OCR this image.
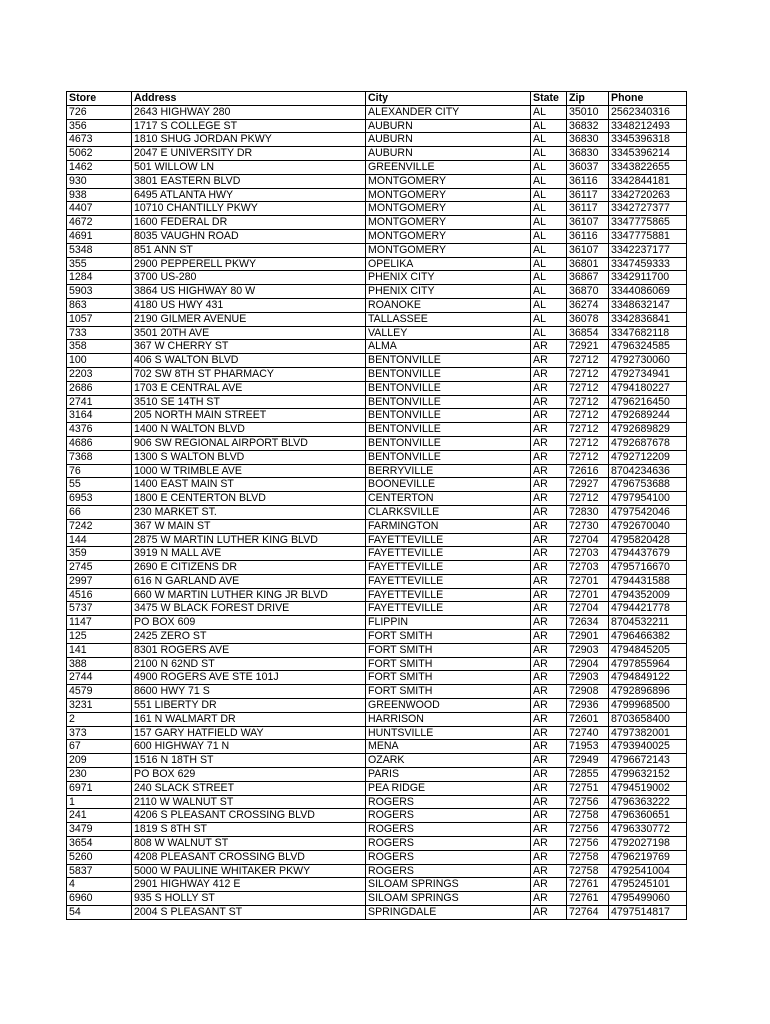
Store	Address	City	State	Zip	Phone
726	2643 HIGHWAY 280	ALEXANDER CITY	AL	35010	2562340316
356	1717 S COLLEGE ST	AUBURN	AL	36832	3348212493
4673	1810 SHUG JORDAN PKWY	AUBURN	AL	36830	3345396318
5062	2047 E UNIVERSITY DR	AUBURN	AL	36830	3345396214
1462	501 WILLOW LN	GREENVILLE	AL	36037	3343822655
930	3801 EASTERN BLVD	MONTGOMERY	AL	36116	3342844181
938	6495 ATLANTA HWY	MONTGOMERY	AL	36117	3342720263
4407	10710 CHANTILLY PKWY	MONTGOMERY	AL	36117	3342727377
4672	1600 FEDERAL DR	MONTGOMERY	AL	36107	3347775865
4691	8035 VAUGHN ROAD	MONTGOMERY	AL	36116	3347775881
5348	851 ANN ST	MONTGOMERY	AL	36107	3342237177
355	2900 PEPPERELL PKWY	OPELIKA	AL	36801	3347459333
1284	3700 US-280	PHENIX CITY	AL	36867	3342911700
5903	3864 US HIGHWAY 80 W	PHENIX CITY	AL	36870	3344086069
863	4180 US HWY 431	ROANOKE	AL	36274	3348632147
1057	2190 GILMER AVENUE	TALLASSEE	AL	36078	3342836841
733	3501 20TH AVE	VALLEY	AL	36854	3347682118
358	367 W CHERRY ST	ALMA	AR	72921	4796324585
100	406 S WALTON BLVD	BENTONVILLE	AR	72712	4792730060
2203	702 SW 8TH ST PHARMACY	BENTONVILLE	AR	72712	4792734941
2686	1703 E CENTRAL AVE	BENTONVILLE	AR	72712	4794180227
2741	3510 SE 14TH ST	BENTONVILLE	AR	72712	4796216450
3164	205 NORTH MAIN STREET	BENTONVILLE	AR	72712	4792689244
4376	1400 N WALTON BLVD	BENTONVILLE	AR	72712	4792689829
4686	906 SW REGIONAL AIRPORT BLVD	BENTONVILLE	AR	72712	4792687678
7368	1300 S WALTON BLVD	BENTONVILLE	AR	72712	4792712209
76	1000 W TRIMBLE AVE	BERRYVILLE	AR	72616	8704234636
55	1400 EAST MAIN ST	BOONEVILLE	AR	72927	4796753688
6953	1800 E CENTERTON BLVD	CENTERTON	AR	72712	4797954100
66	230 MARKET ST.	CLARKSVILLE	AR	72830	4797542046
7242	367 W MAIN ST	FARMINGTON	AR	72730	4792670040
144	2875 W MARTIN LUTHER KING BLVD	FAYETTEVILLE	AR	72704	4795820428
359	3919 N MALL AVE	FAYETTEVILLE	AR	72703	4794437679
2745	2690 E CITIZENS DR	FAYETTEVILLE	AR	72703	4795716670
2997	616 N GARLAND AVE	FAYETTEVILLE	AR	72701	4794431588
4516	660 W MARTIN LUTHER KING JR BLVD	FAYETTEVILLE	AR	72701	4794352009
5737	3475 W BLACK FOREST DRIVE	FAYETTEVILLE	AR	72704	4794421778
1147	PO BOX 609	FLIPPIN	AR	72634	8704532211
125	2425 ZERO ST	FORT SMITH	AR	72901	4796466382
141	8301 ROGERS AVE	FORT SMITH	AR	72903	4794845205
388	2100 N 62ND ST	FORT SMITH	AR	72904	4797855964
2744	4900 ROGERS AVE STE 101J	FORT SMITH	AR	72903	4794849122
4579	8600 HWY 71 S	FORT SMITH	AR	72908	4792896896
3231	551 LIBERTY DR	GREENWOOD	AR	72936	4799968500
2	161 N WALMART DR	HARRISON	AR	72601	8703658400
373	157 GARY HATFIELD WAY	HUNTSVILLE	AR	72740	4797382001
67	600 HIGHWAY 71 N	MENA	AR	71953	4793940025
209	1516 N 18TH ST	OZARK	AR	72949	4796672143
230	PO BOX 629	PARIS	AR	72855	4799632152
6971	240 SLACK STREET	PEA RIDGE	AR	72751	4794519002
1	2110 W WALNUT ST	ROGERS	AR	72756	4796363222
241	4206 S PLEASANT CROSSING BLVD	ROGERS	AR	72758	4796360651
3479	1819 S 8TH ST	ROGERS	AR	72756	4796330772
3654	808 W WALNUT ST	ROGERS	AR	72756	4792027198
5260	4208 PLEASANT CROSSING BLVD	ROGERS	AR	72758	4796219769
5837	5000 W PAULINE WHITAKER PKWY	ROGERS	AR	72758	4792541004
4	2901 HIGHWAY 412 E	SILOAM SPRINGS	AR	72761	4795245101
6960	935 S HOLLY ST	SILOAM SPRINGS	AR	72761	4795499060
54	2004 S PLEASANT ST	SPRINGDALE	AR	72764	4797514817
